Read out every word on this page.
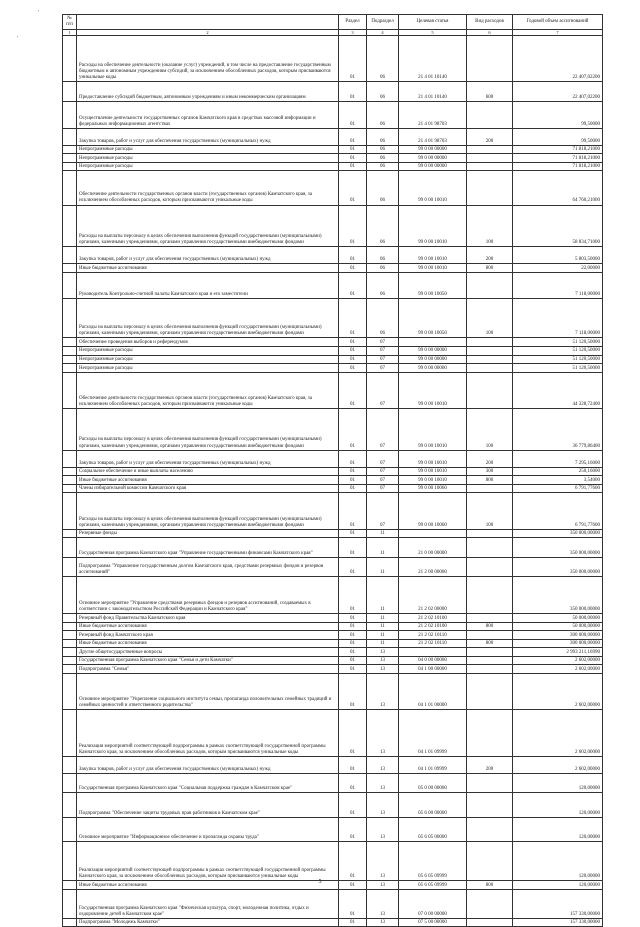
'
'
№ п/п		Раздел	Подраздел	Целевая статья	Вид расходов	Годовой объем ассигнований
1	2	3	4	5	6	7
	Расходы на обеспечение деятельности (оказание услуг) учреждений, в том числе на предоставление государственным бюджетным и автономным учреждениям субсидий, за исключением обособленных расходов, которым присваиваются уникальные коды	01	06	21 4 01 10140		22 407,02200
	Предоставление субсидий бюджетным, автономным учреждениям и иным некоммерческим организациям	01	06	21 4 01 10140	600	22 407,02200
	Осуществление деятельности государственных органов Камчатского края в средствах массовой информации и федеральных информационных агентствах	01	06	21 4 01 98703		99,50000
	Закупка товаров, работ и услуг для обеспечения государственных (муниципальных) нужд	01	06	21 4 01 98703	200	99,50000
	Непрограммные расходы	01	06	99 0 00 00000		71 818,21000
	Непрограммные расходы	01	06	99 0 00 00000		71 818,21000
	Непрограммные расходы	01	06	99 0 00 00000		71 818,21000
	Обеспечение деятельности государственных органов власти (государственных органов) Камчатского края, за исключением обособленных расходов, которым присваиваются уникальные коды	01	06	99 0 00 10010		64 760,21000
	Расходы на выплаты персоналу в целях обеспечения выполнения функций государственными (муниципальными) органами, казенными учреждениями, органами управления государственными внебюджетными фондами	01	06	99 0 00 10010	100	58 834,71000
	Закупка товаров, работ и услуг для обеспечения государственных (муниципальных) нужд	01	06	99 0 00 10010	200	5 803,50000
	Иные бюджетные ассигнования	01	06	99 0 00 10010	800	22,00000
	Руководитель Контрольно-счетной палаты Камчатского края и его заместители	01	06	99 0 00 10050		7 118,00000
	Расходы на выплаты персоналу в целях обеспечения выполнения функций государственными (муниципальными) органами, казенными учреждениями, органами управления государственными внебюджетными фондами	01	06	99 0 00 10050	100	7 118,00000
	Обеспечение проведения выборов и референдумов	01	07			51 120,50000
	Непрограммные расходы	01	07	99 0 00 00000		51 120,50000
	Непрограммные расходы	01	07	99 0 00 00000		51 120,50000
	Непрограммные расходы	01	07	99 0 00 00000		51 120,50000
	Обеспечение деятельности государственных органов власти (государственных органов) Камчатского края, за исключением обособленных расходов, которым присваиваются уникальные коды	01	07	99 0 00 10010		44 328,72400
	Расходы на выплаты персоналу в целях обеспечения выполнения функций государственными (муниципальными) органами, казенными учреждениями, органами управления государственными внебюджетными фондами	01	07	99 0 00 10010	100	36 779,86400
	Закупка товаров, работ и услуг для обеспечения государственных (муниципальных) нужд	01	07	99 0 00 10010	200	7 295,16000
	Социальное обеспечение и иные выплаты населению	01	07	99 0 00 10010	300	250,16000
	Иные бюджетные ассигнования	01	07	99 0 00 10010	800	3,54000
	Члены избирательной комиссии Камчатского края	01	07	99 0 00 10060		6 791,77600
	Расходы на выплаты персоналу в целях обеспечения выполнения функций государственными (муниципальными) органами, казенными учреждениями, органами управления государственными внебюджетными фондами	01	07	99 0 00 10060	100	6 791,77600
	Резервные фонды	01	11			350 000,00000
	Государственная программа Камчатского края "Управление государственными финансами Камчатского края"	01	11	21 0 00 00000		350 000,00000
	Подпрограмма "Управление государственным долгом Камчатского края, средствами резервных фондов и резервов ассигнований"	01	11	21 2 00 00000		350 000,00000
	Основное мероприятие "Управление средствами резервных фондов и резервов ассигнований, создаваемых в соответствии с законодательством Российской Федерации и Камчатского края"	01	11	21 2 02 00000		350 000,00000
	Резервный фонд Правительства Камчатского края	01	11	21 2 02 10100		50 000,00000
	Иные бюджетные ассигнования	01	11	21 2 02 10100	800	50 000,00000
	Резервный фонд Камчатского края	01	11	21 2 02 10110		300 000,00000
	Иные бюджетные ассигнования	01	11	21 2 02 10110	800	300 000,00000
	Другие общегосударственные вопросы	01	13			2 993 211,16990
	Государственная программа Камчатского края "Семья и дети Камчатки"	01	13	04 0 00 00000		2 602,00000
	Подпрограмма "Семья"	01	13	04 1 00 00000		2 602,00000
	Основное мероприятие "Укрепление социального института семьи, пропаганда положительных семейных традиций и семейных ценностей и ответственного родительства"	01	13	04 1 01 00000		2 602,00000
	Реализация мероприятий соответствующей подпрограммы в рамках соответствующей государственной программы Камчатского края, за исключением обособленных расходов, которым присваиваются уникальные коды	01	13	04 1 01 09999		2 602,00000
	Закупка товаров, работ и услуг для обеспечения государственных (муниципальных) нужд	01	13	04 1 01 09999	200	2 602,00000
	Государственная программа Камчатского края "Социальная поддержка граждан в Камчатском крае"	01	13	05 0 00 00000		120,00000
	Подпрограмма "Обеспечение защиты трудовых прав работников в Камчатском крае"	01	13	05 6 00 00000		120,00000
	Основное мероприятие "Информационное обеспечение и пропаганда охраны труда"	01	13	05 6 05 00000		120,00000
	Реализация мероприятий соответствующей подпрограммы в рамках соответствующей государственной программы Камчатского края, за исключением обособленных расходов, которым присваиваются уникальные коды	01	13	05 6 05 09999		120,00000
	Иные бюджетные ассигнования	01	13	05 6 05 09999	800	120,00000
	Государственная программа Камчатского края "Физическая культура, спорт, молодежная политика, отдых и оздоровление детей в Камчатском крае"	01	13	07 0 00 00000		157 330,00000
	Подпрограмма "Молодежь Камчатки"	01	13	07 5 00 00000		157 330,00000
5
